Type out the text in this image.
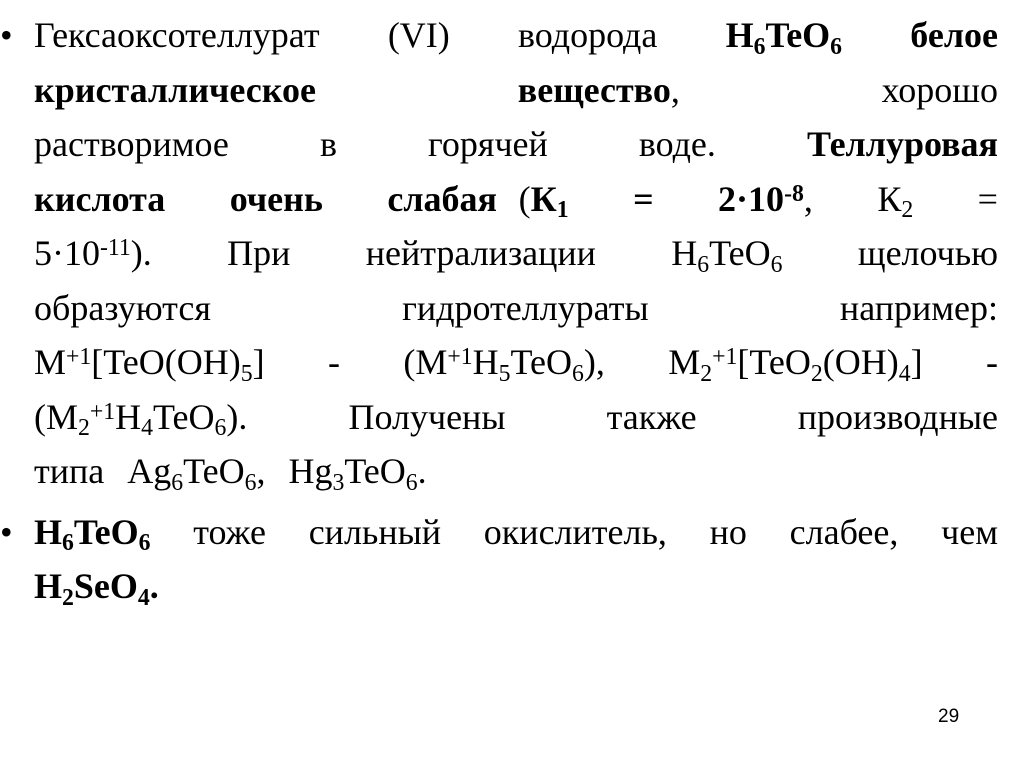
• Гексаоксотеллурат (VI) водорода $H_6TeO_6$ белое
кристаллическое вещество, хорошо
растворимое в горячей воде. Теллуровая
кислота очень слабая ($К_1 = 2\cdot 10^{-8}$, $К_2$ =
$5\cdot 10^{-11}$). При нейтрализации $H_6TeO_6$ щелочью
образуются гидротеллураты например:
$M^{+1}[TeO(OH)_5] - (M^{+1}H_5TeO_6)$, $M_2^{+1}[TeO_2(OH)_4]$ -
$(M_2^{+1}H_4TeO_6)$. Получены также производные
типа $Ag_6TeO_6$, $Hg_3TeO_6$.
• $H_6TeO_6$ тоже сильный окислитель, но слабее, чем
$H_2SeO_4$.
29
